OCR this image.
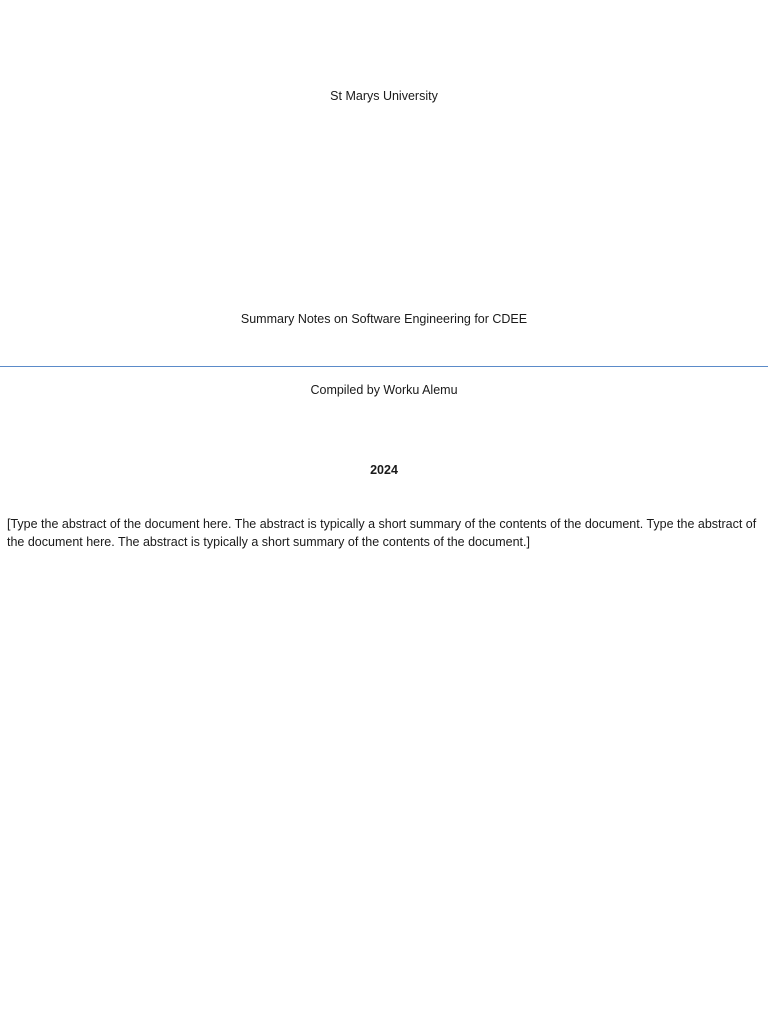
St Marys University
Summary Notes on Software Engineering for CDEE
Compiled by Worku Alemu
2024
[Type the abstract of the document here. The abstract is typically a short summary of the contents of the document. Type the abstract of the document here. The abstract is typically a short summary of the contents of the document.]
